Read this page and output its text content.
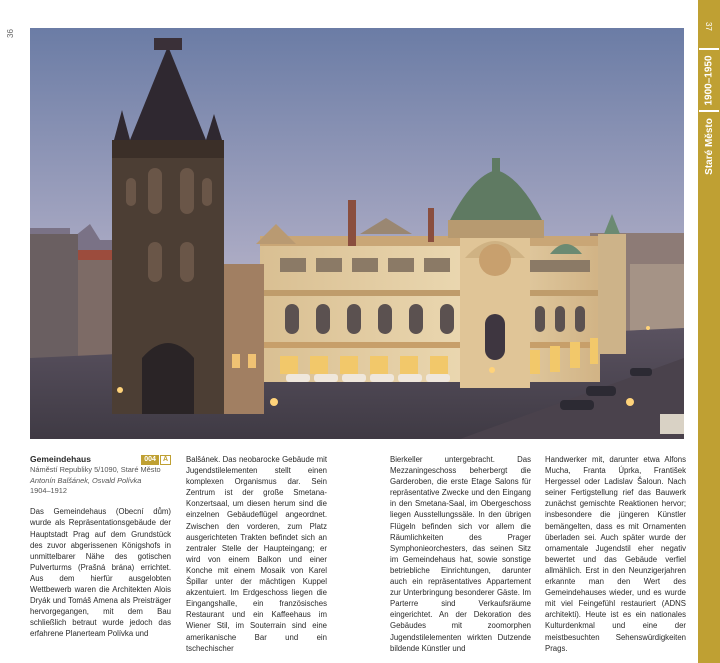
36
37
1900–1950
Staré Město
Gemeindehaus	004	A

Náměstí Republiky 5/1090, Staré Město

Antonín Balšánek, Osvald Polívka

1904–1912

Das Gemeindehaus (Obecní dům) wurde als Repräsentationsgebäude der Hauptstadt Prag auf dem Grundstück des zuvor abgerissenen Königshofs in unmittelbarer Nähe des gotischen Pulverturms (Prašná brána) errichtet. Aus dem hierfür ausgelobten Wettbewerb waren die Architekten Alois Dryák und Tomáš Amena als Preisträger hervorgegangen, mit dem Bau schließlich betraut wurde jedoch das erfahrene Planerteam Polívka und

Balšánek. Das neobarocke Gebäude mit Jugendstilelementen stellt einen komplexen Organismus dar. Sein Zentrum ist der große Smetana-Konzertsaal, um diesen herum sind die einzelnen Gebäudeflügel angeordnet. Zwischen den vorderen, zum Platz ausgerichteten Trakten befindet sich an zentraler Stelle der Haupteingang; er wird von einem Balkon und einer Konche mit einem Mosaik von Karel Špillar unter der mächtigen Kuppel akzentuiert. Im Erdgeschoss liegen die Eingangshalle, ein französisches Restaurant und ein Kaffeehaus im Wiener Stil, im Souterrain sind eine amerikanische Bar und ein tschechischer

Bierkeller untergebracht. Das Mezzaningeschoss beherbergt die Garderoben, die erste Etage Salons für repräsentative Zwecke und den Eingang in den Smetana-Saal, im Obergeschoss liegen Ausstellungssäle. In den übrigen Flügeln befinden sich vor allem die Räumlichkeiten des Prager Symphonieorchesters, das seinen Sitz im Gemeindehaus hat, sowie sonstige betriebliche Einrichtungen, darunter auch ein repräsentatives Appartement zur Unterbringung besonderer Gäste. Im Parterre sind Verkaufsräume eingerichtet. An der Dekoration des Gebäudes mit zoomorphen Jugendstilelementen wirkten Dutzende bildende Künstler und

Handwerker mit, darunter etwa Alfons Mucha, Franta Úprka, František Hergessel oder Ladislav Šaloun. Nach seiner Fertigstellung rief das Bauwerk zunächst gemischte Reaktionen hervor; insbesondere die jüngeren Künstler bemängelten, dass es mit Ornamenten überladen sei. Auch später wurde der ornamentale Jugendstil eher negativ bewertet und das Gebäude verfiel allmählich. Erst in den Neunzigerjahren erkannte man den Wert des Gemeindehauses wieder, und es wurde mit viel Feingefühl restauriert (ADNS architekti). Heute ist es ein nationales Kulturdenkmal und eine der meistbesuchten Sehenswürdigkeiten Prags.
